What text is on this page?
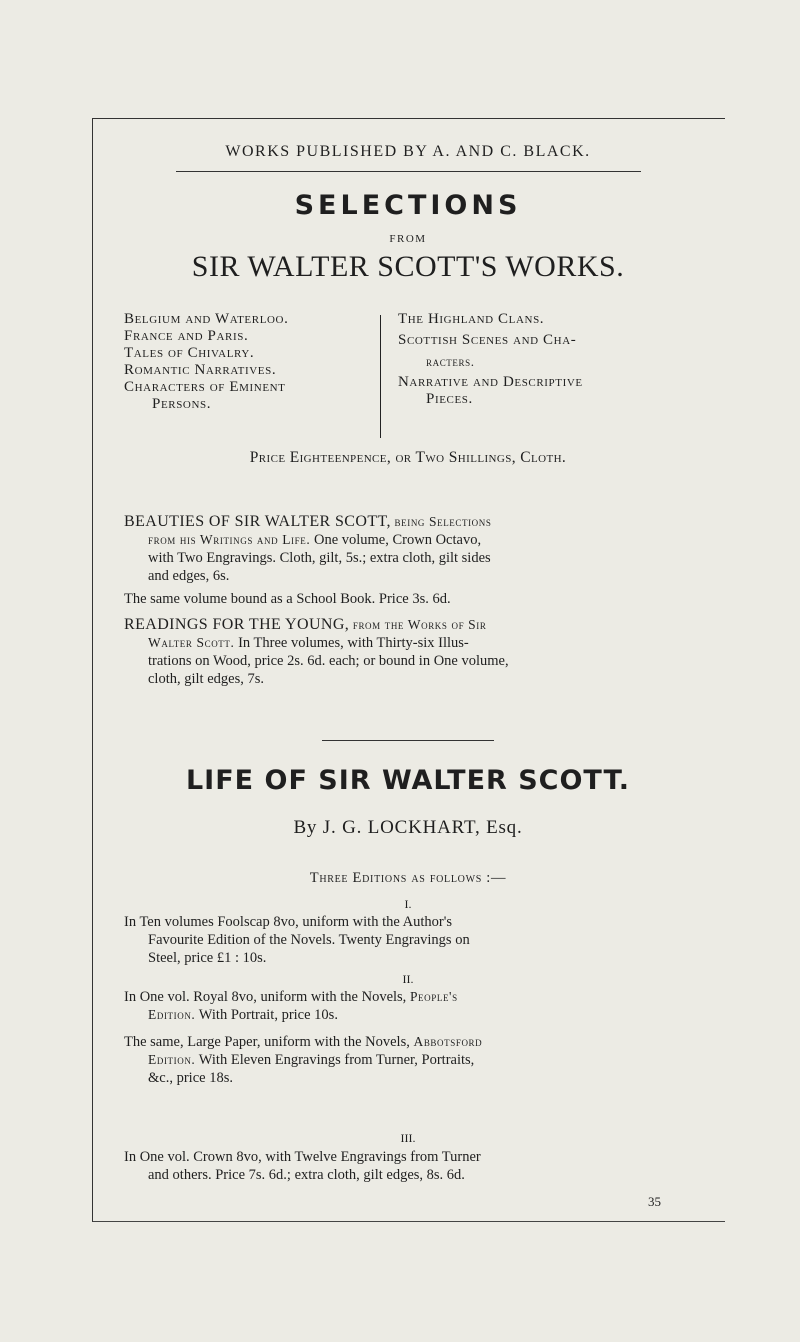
WORKS PUBLISHED BY A. AND C. BLACK.
SELECTIONS
FROM
SIR WALTER SCOTT'S WORKS.
Belgium and Waterloo.
France and Paris.
Tales of Chivalry.
Romantic Narratives.
Characters of Eminent
Persons.
The Highland Clans.
Scottish Scenes and Cha-
racters.
Narrative and Descriptive
Pieces.
Price Eighteenpence, or Two Shillings, Cloth.
BEAUTIES OF SIR WALTER SCOTT, being Selections
from his Writings and Life. One volume, Crown Octavo,
with Two Engravings. Cloth, gilt, 5s.; extra cloth, gilt sides
and edges, 6s.
The same volume bound as a School Book. Price 3s. 6d.
READINGS FOR THE YOUNG, from the Works of Sir
Walter Scott. In Three volumes, with Thirty-six Illus-
trations on Wood, price 2s. 6d. each; or bound in One volume,
cloth, gilt edges, 7s.
LIFE OF SIR WALTER SCOTT.
By J. G. LOCKHART, Esq.
Three Editions as follows :—
I.
In Ten volumes Foolscap 8vo, uniform with the Author's
Favourite Edition of the Novels. Twenty Engravings on
Steel, price £1 : 10s.
II.
In One vol. Royal 8vo, uniform with the Novels, People's
Edition. With Portrait, price 10s.
The same, Large Paper, uniform with the Novels, Abbotsford
Edition. With Eleven Engravings from Turner, Portraits,
&c., price 18s.
III.
In One vol. Crown 8vo, with Twelve Engravings from Turner
and others. Price 7s. 6d.; extra cloth, gilt edges, 8s. 6d.
35
